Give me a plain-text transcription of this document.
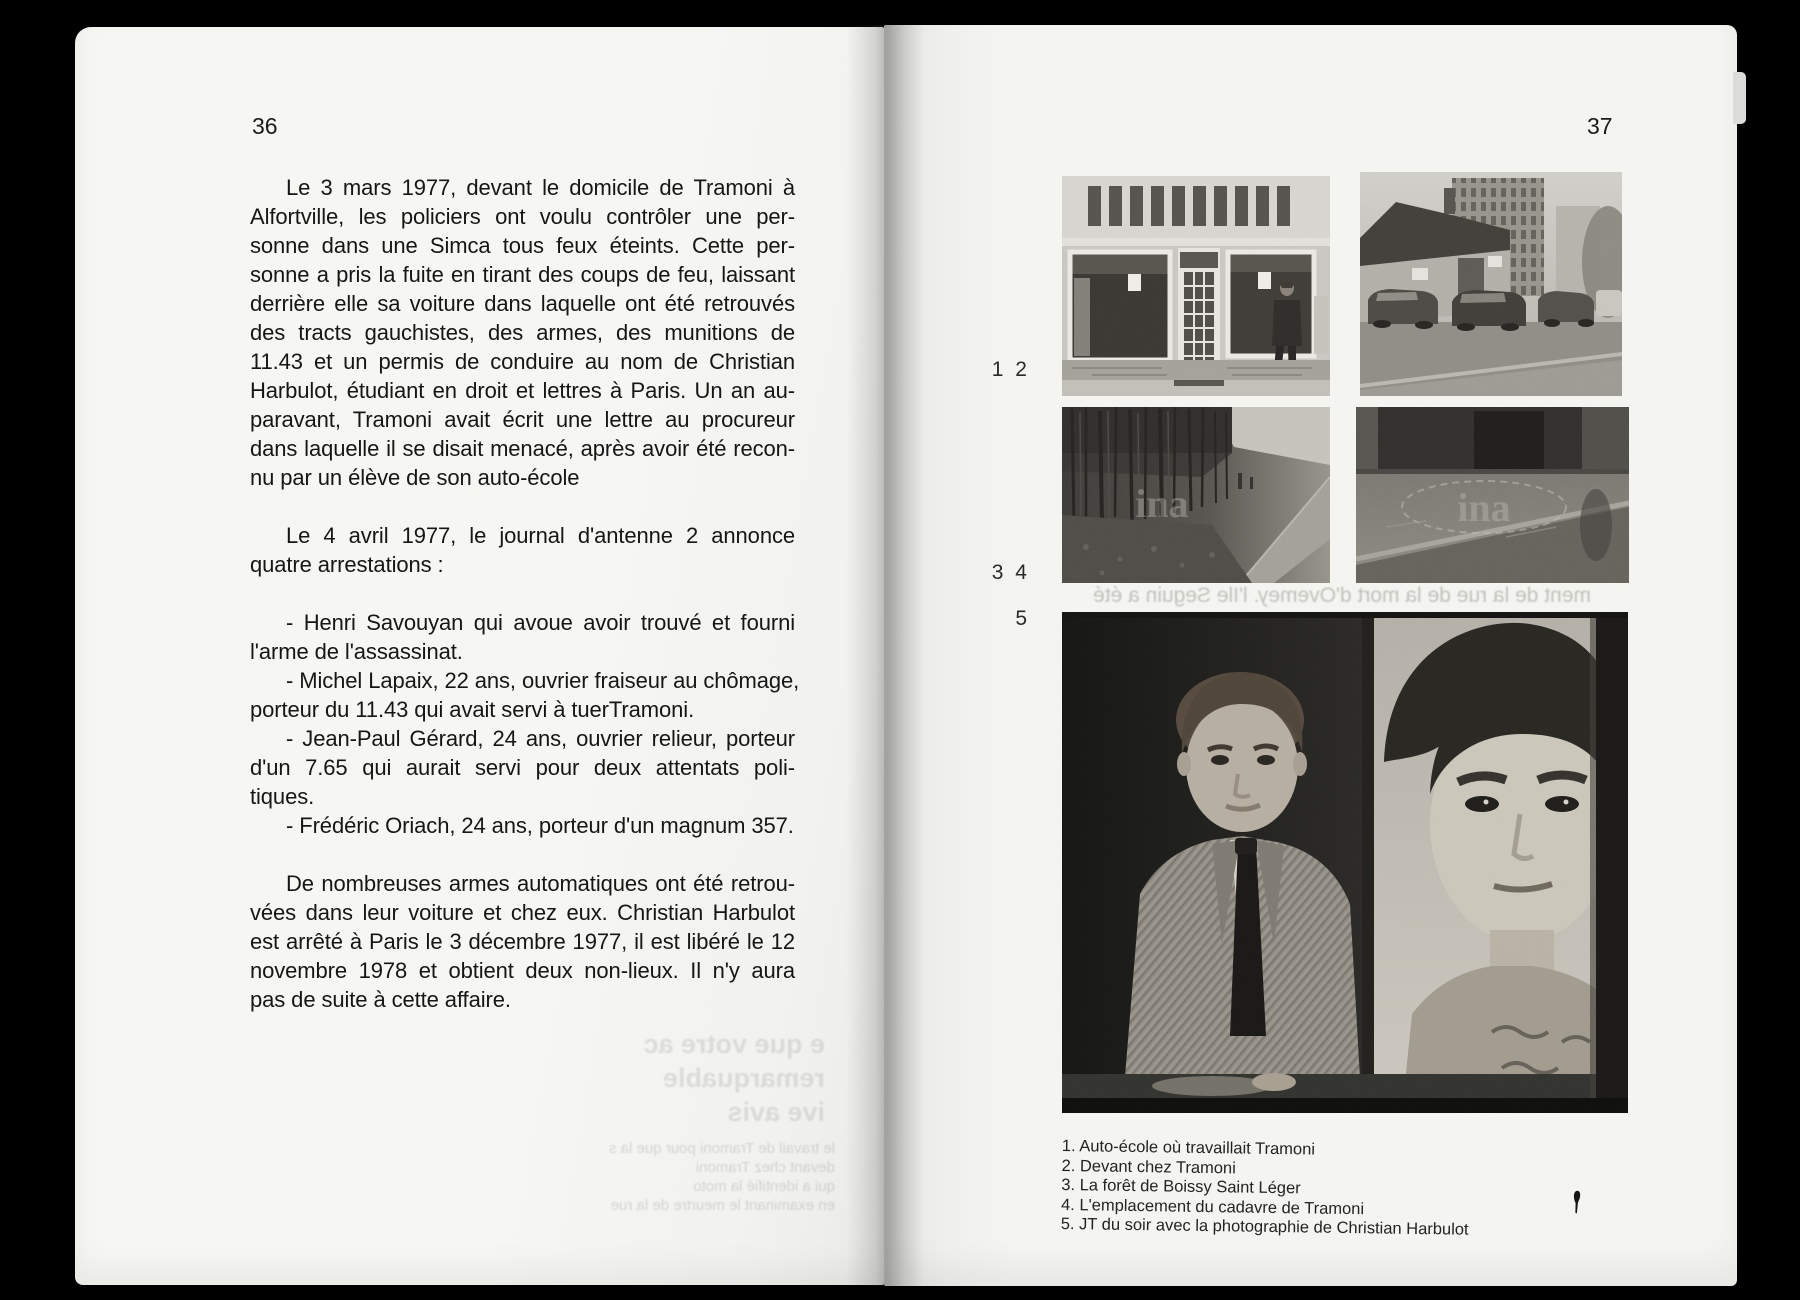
36
Le 3 mars 1977, devant le domicile de Tramoni à
Alfortville, les policiers ont voulu contrôler une per-
sonne dans une Simca tous feux éteints. Cette per-
sonne a pris la fuite en tirant des coups de feu, laissant
derrière elle sa voiture dans laquelle ont été retrouvés
des tracts gauchistes, des armes, des munitions de
11.43 et un permis de conduire au nom de Christian
Harbulot, étudiant en droit et lettres à Paris. Un an au-
paravant, Tramoni avait écrit une lettre au procureur
dans laquelle il se disait menacé, après avoir été recon-
nu par un élève de son auto-école
Le 4 avril 1977, le journal d'antenne 2 annonce
quatre arrestations :
- Henri Savouyan qui avoue avoir trouvé et fourni
l'arme de l'assassinat.
- Michel Lapaix, 22 ans, ouvrier fraiseur au chômage,
porteur du 11.43 qui avait servi à tuerTramoni.
- Jean-Paul Gérard, 24 ans, ouvrier relieur, porteur
d'un 7.65 qui aurait servi pour deux attentats poli-
tiques.
- Frédéric Oriach, 24 ans, porteur d'un magnum 357.
De nombreuses armes automatiques ont été retrou-
vées dans leur voiture et chez eux. Christian Harbulot
est arrêté à Paris le 3 décembre 1977, il est libéré le 12
novembre 1978 et obtient deux non-lieux. Il n'y aura
pas de suite à cette affaire.
e que votre ac
remarquable
ive avis
le travail de Tramoni pour que la s
devant chez Tramoni
qui a identifié la moto
en examinant le meurtre de la rue
37
ina	ina
1 2
3 4
5
ment de la rue de la mort d'Ovemey. l'Ile Seguin a été
1. Auto-école où travaillait Tramoni
2. Devant chez Tramoni
3. La forêt de Boissy Saint Léger
4. L'emplacement du cadavre de Tramoni
5. JT du soir avec la photographie de Christian Harbulot
